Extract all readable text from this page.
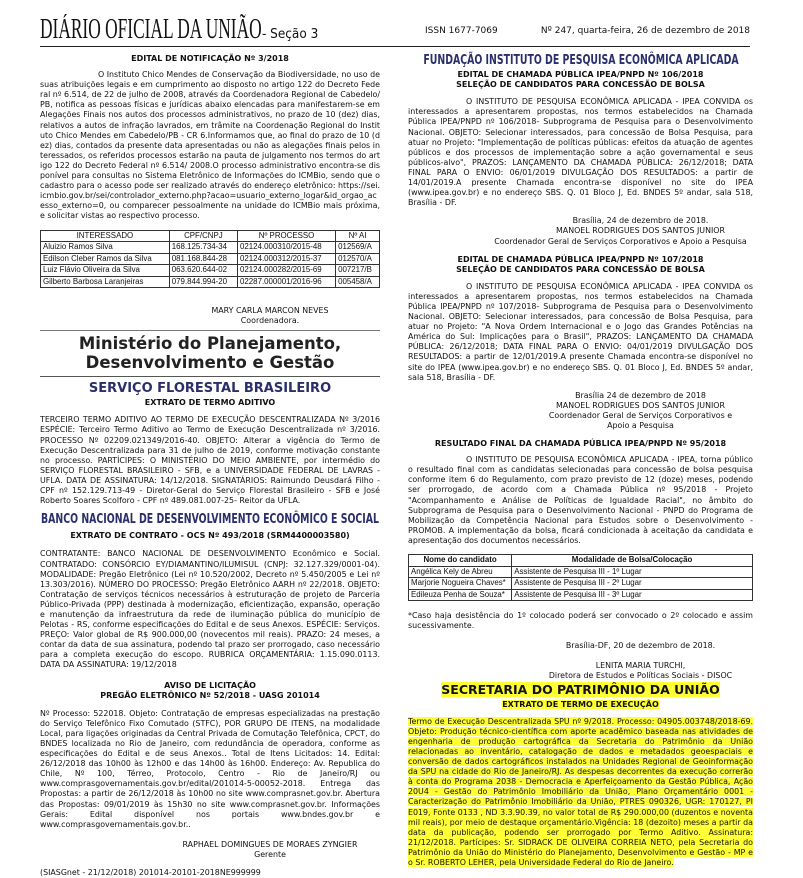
DIÁRIO OFICIAL DA UNIÃO- Seção 3	ISSN 1677-7069	Nº 247, quarta-feira, 26 de dezembro de 2018
EDITAL DE NOTIFICAÇÃO Nº 3/2018

O Instituto Chico Mendes de Conservação da Biodiversidade, no uso de suas atribuições legais e em cumprimento ao disposto no artigo 122 do Decreto Federal nº 6.514, de 22 de julho de 2008, através da Coordenadora Regional de Cabedelo/PB, notifica as pessoas físicas e jurídicas abaixo elencadas para manifestarem-se em Alegações Finais nos autos dos processos administrativos, no prazo de 10 (dez) dias, relativos a autos de infração lavrados, em trâmite na Coordenação Regional do Instituto Chico Mendes em Cabedelo/PB - CR 6.Informamos que, ao final do prazo de 10 (dez) dias, contados da presente data apresentadas ou não as alegações finais pelos interessados, os referidos processos estarão na pauta de julgamento nos termos do artigo 122 do Decreto Federal nº 6.514/ 2008.O processo administrativo encontra-se disponível para consultas no Sistema Eletrônico de Informações do ICMBio, sendo que o cadastro para o acesso pode ser realizado através do endereço eletrônico: https://sei.icmbio.gov.br/sei/controlador_externo.php?acao=usuario_externo_logar&id_orgao_acesso_externo=0, ou comparecer pessoalmente na unidade do ICMBio mais próxima, e solicitar vistas ao respectivo processo.

INTERESSADO	CPF/CNPJ	Nº PROCESSO	Nº AI
Aluizio Ramos Silva	168.125.734-34	02124.000310/2015-48	012569/A
Edilson Cleber Ramos da Silva	081.168.844-28	02124.000312/2015-37	012570/A
Luiz Flávio Oliveira da Silva	063.620.644-02	02124.000282/2015-69	007217/B
Gilberto Barbosa Laranjeiras	079.844.994-20	02287.000001/2016-96	005458/A
MARY CARLA MARCON NEVES
Coordenadora.
Ministério do Planejamento,
Desenvolvimento e Gestão
SERVIÇO FLORESTAL BRASILEIRO
EXTRATO DE TERMO ADITIVO

TERCEIRO TERMO ADITIVO AO TERMO DE EXECUÇÃO DESCENTRALIZADA Nº 3/2016 ESPÉCIE: Terceiro Termo Aditivo ao Termo de Execução Descentralizada nº 3/2016. PROCESSO Nº 02209.021349/2016-40. OBJETO: Alterar a vigência do Termo de Execução Descentralizada para 31 de julho de 2019, conforme motivação constante no processo. PARTÍCIPES: O MINISTÉRIO DO MEIO AMBIENTE, por intermédio do SERVIÇO FLORESTAL BRASILEIRO - SFB, e a UNIVERSIDADE FEDERAL DE LAVRAS - UFLA. DATA DE ASSINATURA: 14/12/2018. SIGNATÁRIOS: Raimundo Deusdará Filho - CPF nº 152.129.713-49 - Diretor-Geral do Serviço Florestal Brasileiro - SFB e José Roberto Soares Scolforo - CPF nº 489.081.007-25- Reitor da UFLA.

BANCO NACIONAL DE DESENVOLVIMENTO ECONÔMICO E SOCIAL
EXTRATO DE CONTRATO - OCS Nº 493/2018 (SRM4400003580)

CONTRATANTE: BANCO NACIONAL DE DESENVOLVIMENTO Econômico e Social. CONTRATADO: CONSÓRCIO EY/DIAMANTINO/ILUMISUL (CNPJ: 32.127.329/0001-04). MODALIDADE: Pregão Eletrônico (Lei nº 10.520/2002, Decreto nº 5.450/2005 e Lei nº 13.303/2016). NÚMERO DO PROCESSO: Pregão Eletrônico AARH nº 22/2018. OBJETO: Contratação de serviços técnicos necessários à estruturação de projeto de Parceria Público-Privada (PPP) destinada à modernização, eficientização, expansão, operação e manutenção da infraestrutura da rede de iluminação pública do município de Pelotas - RS, conforme especificações do Edital e de seus Anexos. ESPÉCIE: Serviços. PREÇO: Valor global de R$ 900.000,00 (novecentos mil reais). PRAZO: 24 meses, a contar da data de sua assinatura, podendo tal prazo ser prorrogado, caso necessário para a completa execução do escopo. RUBRICA ORÇAMENTÁRIA: 1.15.090.0113. DATA DA ASSINATURA: 19/12/2018

AVISO DE LICITAÇÃO
PREGÃO ELETRÔNICO Nº 52/2018 - UASG 201014

Nº Processo: 522018. Objeto: Contratação de empresas especializadas na prestação do Serviço Telefônico Fixo Comutado (STFC), POR GRUPO DE ITENS, na modalidade Local, para ligações originadas da Central Privada de Comutação Telefônica, CPCT, do BNDES localizada no Rio de Janeiro, com redundância de operadora, conforme as especificações do Edital e de seus Anexos.. Total de Itens Licitados: 14. Edital: 26/12/2018 das 10h00 às 12h00 e das 14h00 às 16h00. Endereço: Av. Republica do Chile, Nº 100, Térreo, Protocolo, Centro - Rio de Janeiro/RJ ou www.comprasgovernamentais.gov.br/edital/201014-5-00052-2018. Entrega das Propostas: a partir de 26/12/2018 às 10h00 no site www.comprasnet.gov.br. Abertura das Propostas: 09/01/2019 às 15h30 no site www.comprasnet.gov.br. Informações Gerais: Edital disponível nos portais www.bndes.gov.br e www.comprasgovernamentais.gov.br..

RAPHAEL DOMINGUES DE MORAES ZYNGIER
Gerente
(SIASGnet - 21/12/2018) 201014-20101-2018NE999999
FUNDAÇÃO INSTITUTO DE PESQUISA ECONÔMICA APLICADA
EDITAL DE CHAMADA PÚBLICA IPEA/PNPD Nº 106/2018
SELEÇÃO DE CANDIDATOS PARA CONCESSÃO DE BOLSA

O INSTITUTO DE PESQUISA ECONÔMICA APLICADA - IPEA CONVIDA os interessados a apresentarem propostas, nos termos estabelecidos na Chamada Pública IPEA/PNPD nº 106/2018- Subprograma de Pesquisa para o Desenvolvimento Nacional. OBJETO: Selecionar interessados, para concessão de Bolsa Pesquisa, para atuar no Projeto: "Implementação de políticas públicas: efeitos da atuação de agentes públicos e dos processos de implementação sobre a ação governamental e seus públicos-alvo", PRAZOS: LANÇAMENTO DA CHAMADA PÚBLICA: 26/12/2018; DATA FINAL PARA O ENVIO: 06/01/2019 DIVULGAÇÃO DOS RESULTADOS: a partir de 14/01/2019.A presente Chamada encontra-se disponível no site do IPEA (www.ipea.gov.br) e no endereço SBS. Q. 01 Bloco J, Ed. BNDES 5º andar, sala 518, Brasília - DF.

Brasília, 24 de dezembro de 2018.
MANOEL RODRIGUES DOS SANTOS JUNIOR
Coordenador Geral de Serviços Corporativos e Apoio a Pesquisa
EDITAL DE CHAMADA PÚBLICA IPEA/PNPD Nº 107/2018
SELEÇÃO DE CANDIDATOS PARA CONCESSÃO DE BOLSA

O INSTITUTO DE PESQUISA ECONÔMICA APLICADA - IPEA CONVIDA os interessados a apresentarem propostas, nos termos estabelecidos na Chamada Pública IPEA/PNPD nº 107/2018- Subprograma de Pesquisa para o Desenvolvimento Nacional. OBJETO: Selecionar interessados, para concessão de Bolsa Pesquisa, para atuar no Projeto: "A Nova Ordem Internacional e o Jogo das Grandes Potências na América do Sul: Implicações para o Brasil", PRAZOS: LANÇAMENTO DA CHAMADA PÚBLICA: 26/12/2018; DATA FINAL PARA O ENVIO: 04/01/2019 DIVULGAÇÃO DOS RESULTADOS: a partir de 12/01/2019.A presente Chamada encontra-se disponível no site do IPEA (www.ipea.gov.br) e no endereço SBS. Q. 01 Bloco J, Ed. BNDES 5º andar, sala 518, Brasília - DF.

Brasília 24 de dezembro de 2018
MANOEL RODRIGUES DOS SANTOS JUNIOR
Coordenador Geral de Serviços Corporativos e Apoio a Pesquisa
RESULTADO FINAL DA CHAMADA PÚBLICA IPEA/PNPD Nº 95/2018

O INSTITUTO DE PESQUISA ECONÔMICA APLICADA - IPEA, torna público o resultado final com as candidatas selecionadas para concessão de bolsa pesquisa conforme item 6 do Regulamento, com prazo previsto de 12 (doze) meses, podendo ser prorrogado, de acordo com a Chamada Pública nº 95/2018 - Projeto "Acompanhamento e Análise de Políticas de Igualdade Racial", no âmbito do Subprograma de Pesquisa para o Desenvolvimento Nacional - PNPD do Programa de Mobilização da Competência Nacional para Estudos sobre o Desenvolvimento - PROMOB. A implementação da bolsa, ficará condicionada à aceitação da candidata e apresentação dos documentos necessários.

Nome do candidato	Modalidade de Bolsa/Colocação
Angélica Kely de Abreu	Assistente de Pesquisa III - 1º Lugar
Marjorie Nogueira Chaves*	Assistente de Pesquisa III - 2º Lugar
Edileuza Penha de Souza*	Assistente de Pesquisa III - 3º Lugar

*Caso haja desistência do 1º colocado poderá ser convocado o 2º colocado e assim sucessivamente.

Brasília-DF, 20 de dezembro de 2018.
LENITA MARIA TURCHI,
Diretora de Estudos e Políticas Sociais - DISOC
SECRETARIA DO PATRIMÔNIO DA UNIÃO
EXTRATO DE TERMO DE EXECUÇÃO

Termo de Execução Descentralizada SPU nº 9/2018. Processo: 04905.003748/2018-69. Objeto: Produção técnico-científica com aporte acadêmico baseada nas atividades de engenharia de produção cartográfica da Secretaria do Patrimônio da União relacionadas ao inventário, catalogação de dados e metadados geoespaciais e conversão de dados cartográficos instalados na Unidades Regional de Geoinformação da SPU na cidade do Rio de Janeiro/RJ. As despesas decorrentes da execução correrão à conta do Programa 2038 - Democracia e Aperfeiçoamento da Gestão Pública, Ação 20U4 - Gestão do Patrimônio Imobiliário da União, Plano Orçamentário 0001 - Caracterização do Patrimônio Imobiliário da União, PTRES 090326, UGR: 170127, PI E019, Fonte 0133 , ND 3.3.90.39, no valor total de R$ 290.000,00 (duzentos e noventa mil reais), por meio de destaque orçamentário.Vigência: 18 (dezoito) meses a partir da data da publicação, podendo ser prorrogado por Termo Aditivo. Assinatura: 21/12/2018. Partícipes: Sr. SIDRACK DE OLIVEIRA CORREIA NETO, pela Secretaria do Patrimônio da União do Ministério do Planejamento, Desenvolvimento e Gestão - MP e o Sr. ROBERTO LEHER, pela Universidade Federal do Rio de Janeiro.
